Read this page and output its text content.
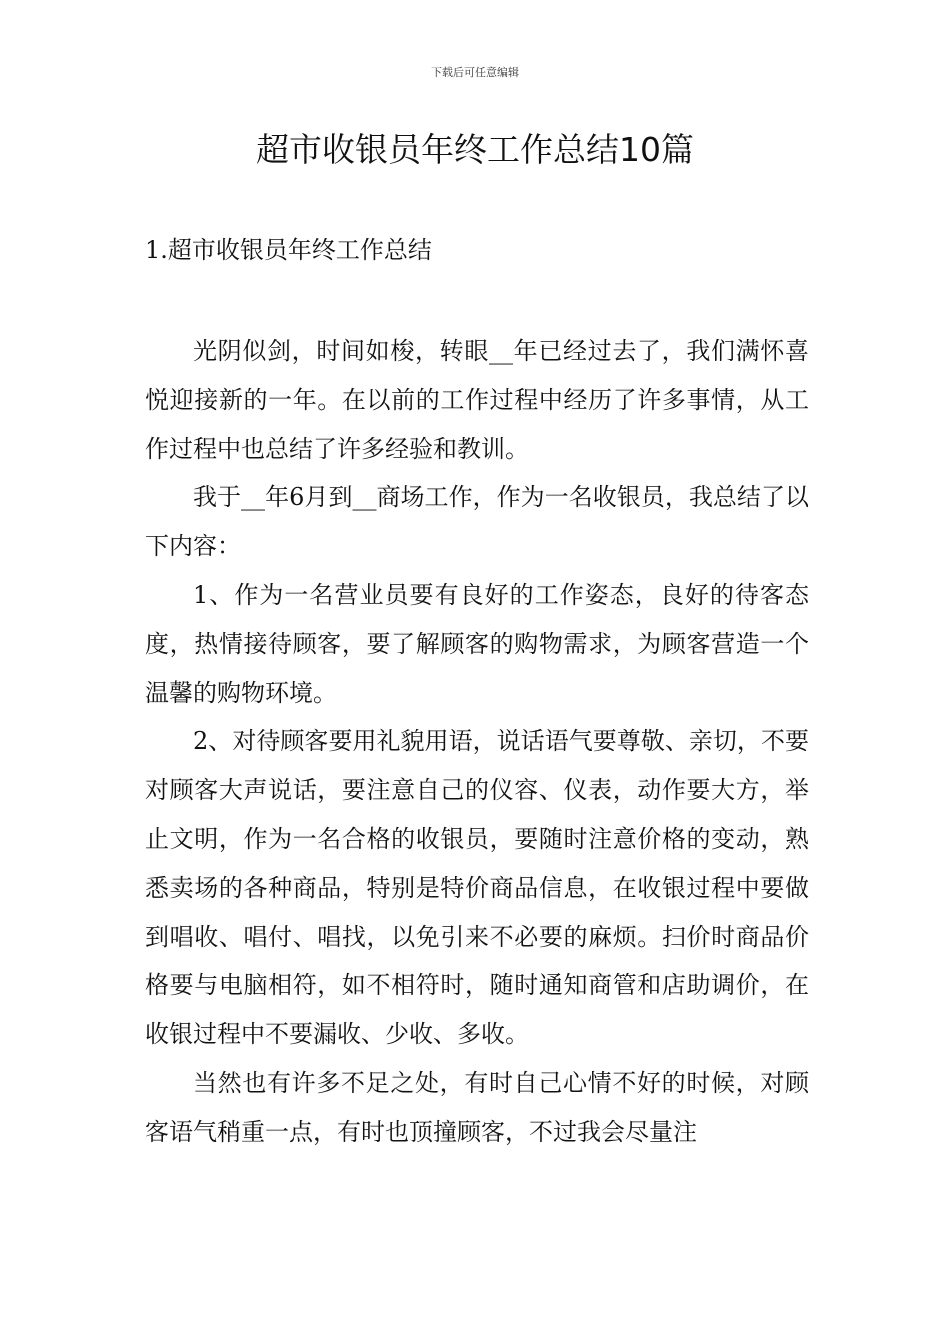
下载后可任意编辑
超市收银员年终工作总结10篇
1.超市收银员年终工作总结

光阴似剑，时间如梭，转眼__年已经过去了，我们满怀喜悦迎接新的一年。在以前的工作过程中经历了许多事情，从工作过程中也总结了许多经验和教训。

我于__年6月到__商场工作，作为一名收银员，我总结了以下内容：

1、作为一名营业员要有良好的工作姿态，良好的待客态度，热情接待顾客，要了解顾客的购物需求，为顾客营造一个温馨的购物环境。

2、对待顾客要用礼貌用语，说话语气要尊敬、亲切，不要对顾客大声说话，要注意自己的仪容、仪表，动作要大方，举止文明，作为一名合格的收银员，要随时注意价格的变动，熟悉卖场的各种商品，特别是特价商品信息，在收银过程中要做到唱收、唱付、唱找，以免引来不必要的麻烦。扫价时商品价格要与电脑相符，如不相符时，随时通知商管和店助调价，在收银过程中不要漏收、少收、多收。

当然也有许多不足之处，有时自己心情不好的时候，对顾客语气稍重一点，有时也顶撞顾客，不过我会尽量注
